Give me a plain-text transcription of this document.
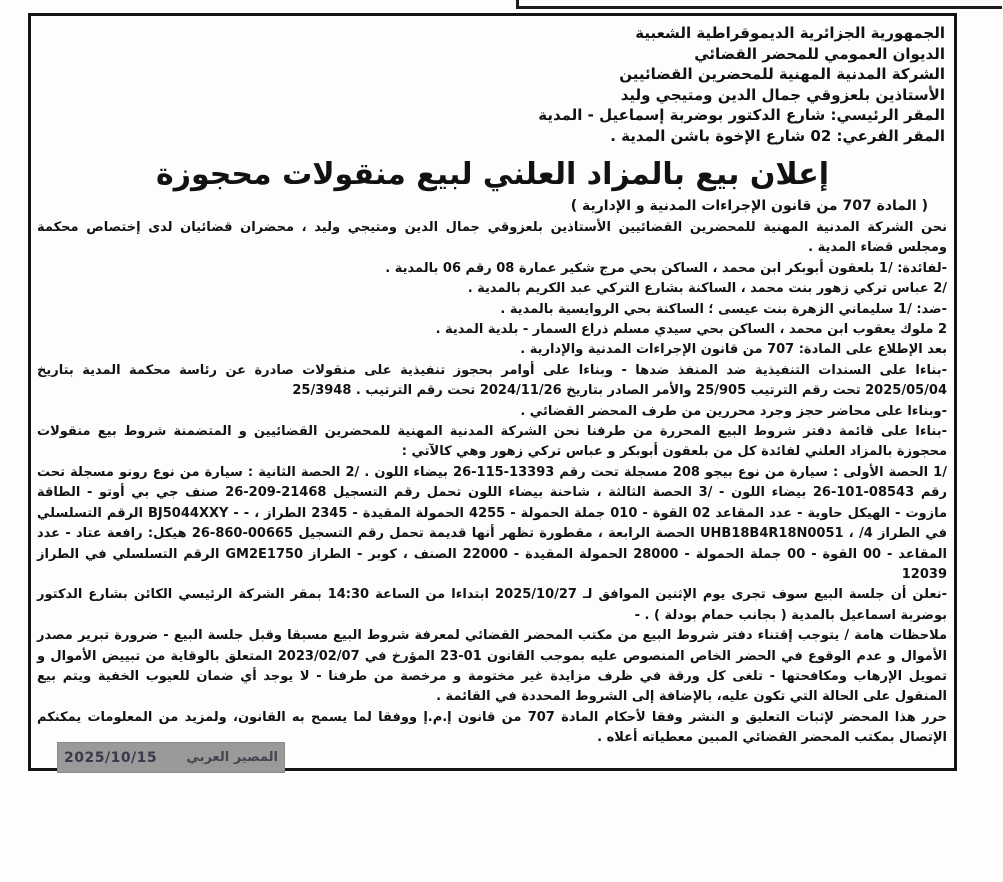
الجمهورية الجزائرية الديموقراطية الشعبية
الديوان العمومي للمحضر القضائي
الشركة المدنية المهنية للمحضرين القضائيين
الأستاذين بلعزوقي جمال الدين ومتيجي وليد
المقر الرئيسي: شارع الدكتور بوضربة إسماعيل - المدية
المقر الفرعي: 02 شارع الإخوة باشن المدية .
إعلان بيع بالمزاد العلني لبيع منقولات محجوزة
( المادة 707 من قانون الإجراءات المدنية و الإدارية )

نحن الشركة المدنية المهنية للمحضرين القضائيين الأستاذين بلعزوقي جمال الدين ومتيجي وليد ، محضران قضائيان لدى إختصاص محكمة ومجلس قضاء المدية .

-لفائدة: /1 بلعقون أبوبكر ابن محمد ، الساكن بحي مرج شكير عمارة 08 رقم 06 بالمدية .

/2 عباس تركي زهور بنت محمد ، الساكنة بشارع التركي عبد الكريم بالمدية .

-ضد: /1 سليماني الزهرة بنت عيسى ؛ الساكنة بحي الروايسية بالمدية .

2 ملوك يعقوب ابن محمد ، الساكن بحي سيدي مسلم ذراع السمار - بلدية المدية .

بعد الإطلاع على المادة: 707 من قانون الإجراءات المدنية والإدارية .

-بناءا على السندات التنفيذية ضد المنفذ ضدها - وبناءا على أوامر بحجوز تنفيذية على منقولات صادرة عن رئاسة محكمة المدية بتاريخ 2025/05/04 تحت رقم الترتيب 25/905 والأمر الصادر بتاريخ 2024/11/26 تحت رقم الترتيب . 25/3948

-وبناءا على محاضر حجز وجرد محررين من طرف المحضر القضائي .

-بناءا على قائمة دفتر شروط البيع المحررة من طرفنا نحن الشركة المدنية المهنية للمحضرين القضائيين و المتضمنة شروط بيع منقولات محجوزة بالمزاد العلني لفائدة كل من بلعقون أبوبكر و عباس تركي زهور وهي كالآتي :

/1 الحصة الأولى : سيارة من نوع بيجو 208 مسجلة تحت رقم 13393-115-26 بيضاء اللون . /2 الحصة الثانية : سيارة من نوع رونو مسجلة تحت رقم 08543-101-26 بيضاء اللون - /3 الحصة الثالثة ، شاحنة بيضاء اللون تحمل رقم التسجيل 21468-209-26 صنف جي بي أوتو - الطاقة مازوت - الهيكل حاوية - عدد المقاعد 02 القوة - 010 جملة الحمولة - 4255 الحمولة المقيدة - 2345 الطراز ، - - BJ5044XXY الرقم التسلسلي في الطراز UHB18B4R18N0051 ، /4 الحصة الرابعة ، مقطورة تظهر أنها قديمة تحمل رقم التسجيل 00665-860-26 هيكل: رافعة عتاد - عدد المقاعد - 00 القوة - 00 جملة الحمولة - 28000 الحمولة المقيدة - 22000 الصنف ، كوبر - الطراز GM2E1750 الرقم التسلسلي في الطراز 12039

-نعلن أن جلسة البيع سوف تجرى يوم الإثنين الموافق لـ 2025/10/27 ابتداءا من الساعة 14:30 بمقر الشركة الرئيسي الكائن بشارع الدكتور بوضربة اسماعيل بالمدية ( بجانب حمام بودلة ) . -

ملاحظات هامة / يتوجب إقتناء دفتر شروط البيع من مكتب المحضر القضائي لمعرفة شروط البيع مسبقا وقبل جلسة البيع - ضرورة تبرير مصدر الأموال و عدم الوقوع في الحضر الخاص المنصوص عليه بموجب القانون 01-23 المؤرخ في 2023/02/07 المتعلق بالوقاية من تبييض الأموال و تمويل الإرهاب ومكافحتها - تلغى كل ورقة في ظرف مزايدة غير مختومة و مرخصة من طرفنا - لا يوجد أي ضمان للعيوب الخفية ويتم بيع المنقول على الحالة التي تكون عليه، بالإضافة إلى الشروط المحددة في القائمة .

حرر هذا المحضر لإثبات التعليق و النشر وفقا لأحكام المادة 707 من قانون إ.م.إ ووفقا لما يسمح به القانون، ولمزيد من المعلومات يمكنكم الإتصال بمكتب المحضر القضائي المبين معطياته أعلاه .

2025/10/15 المصير العربي
